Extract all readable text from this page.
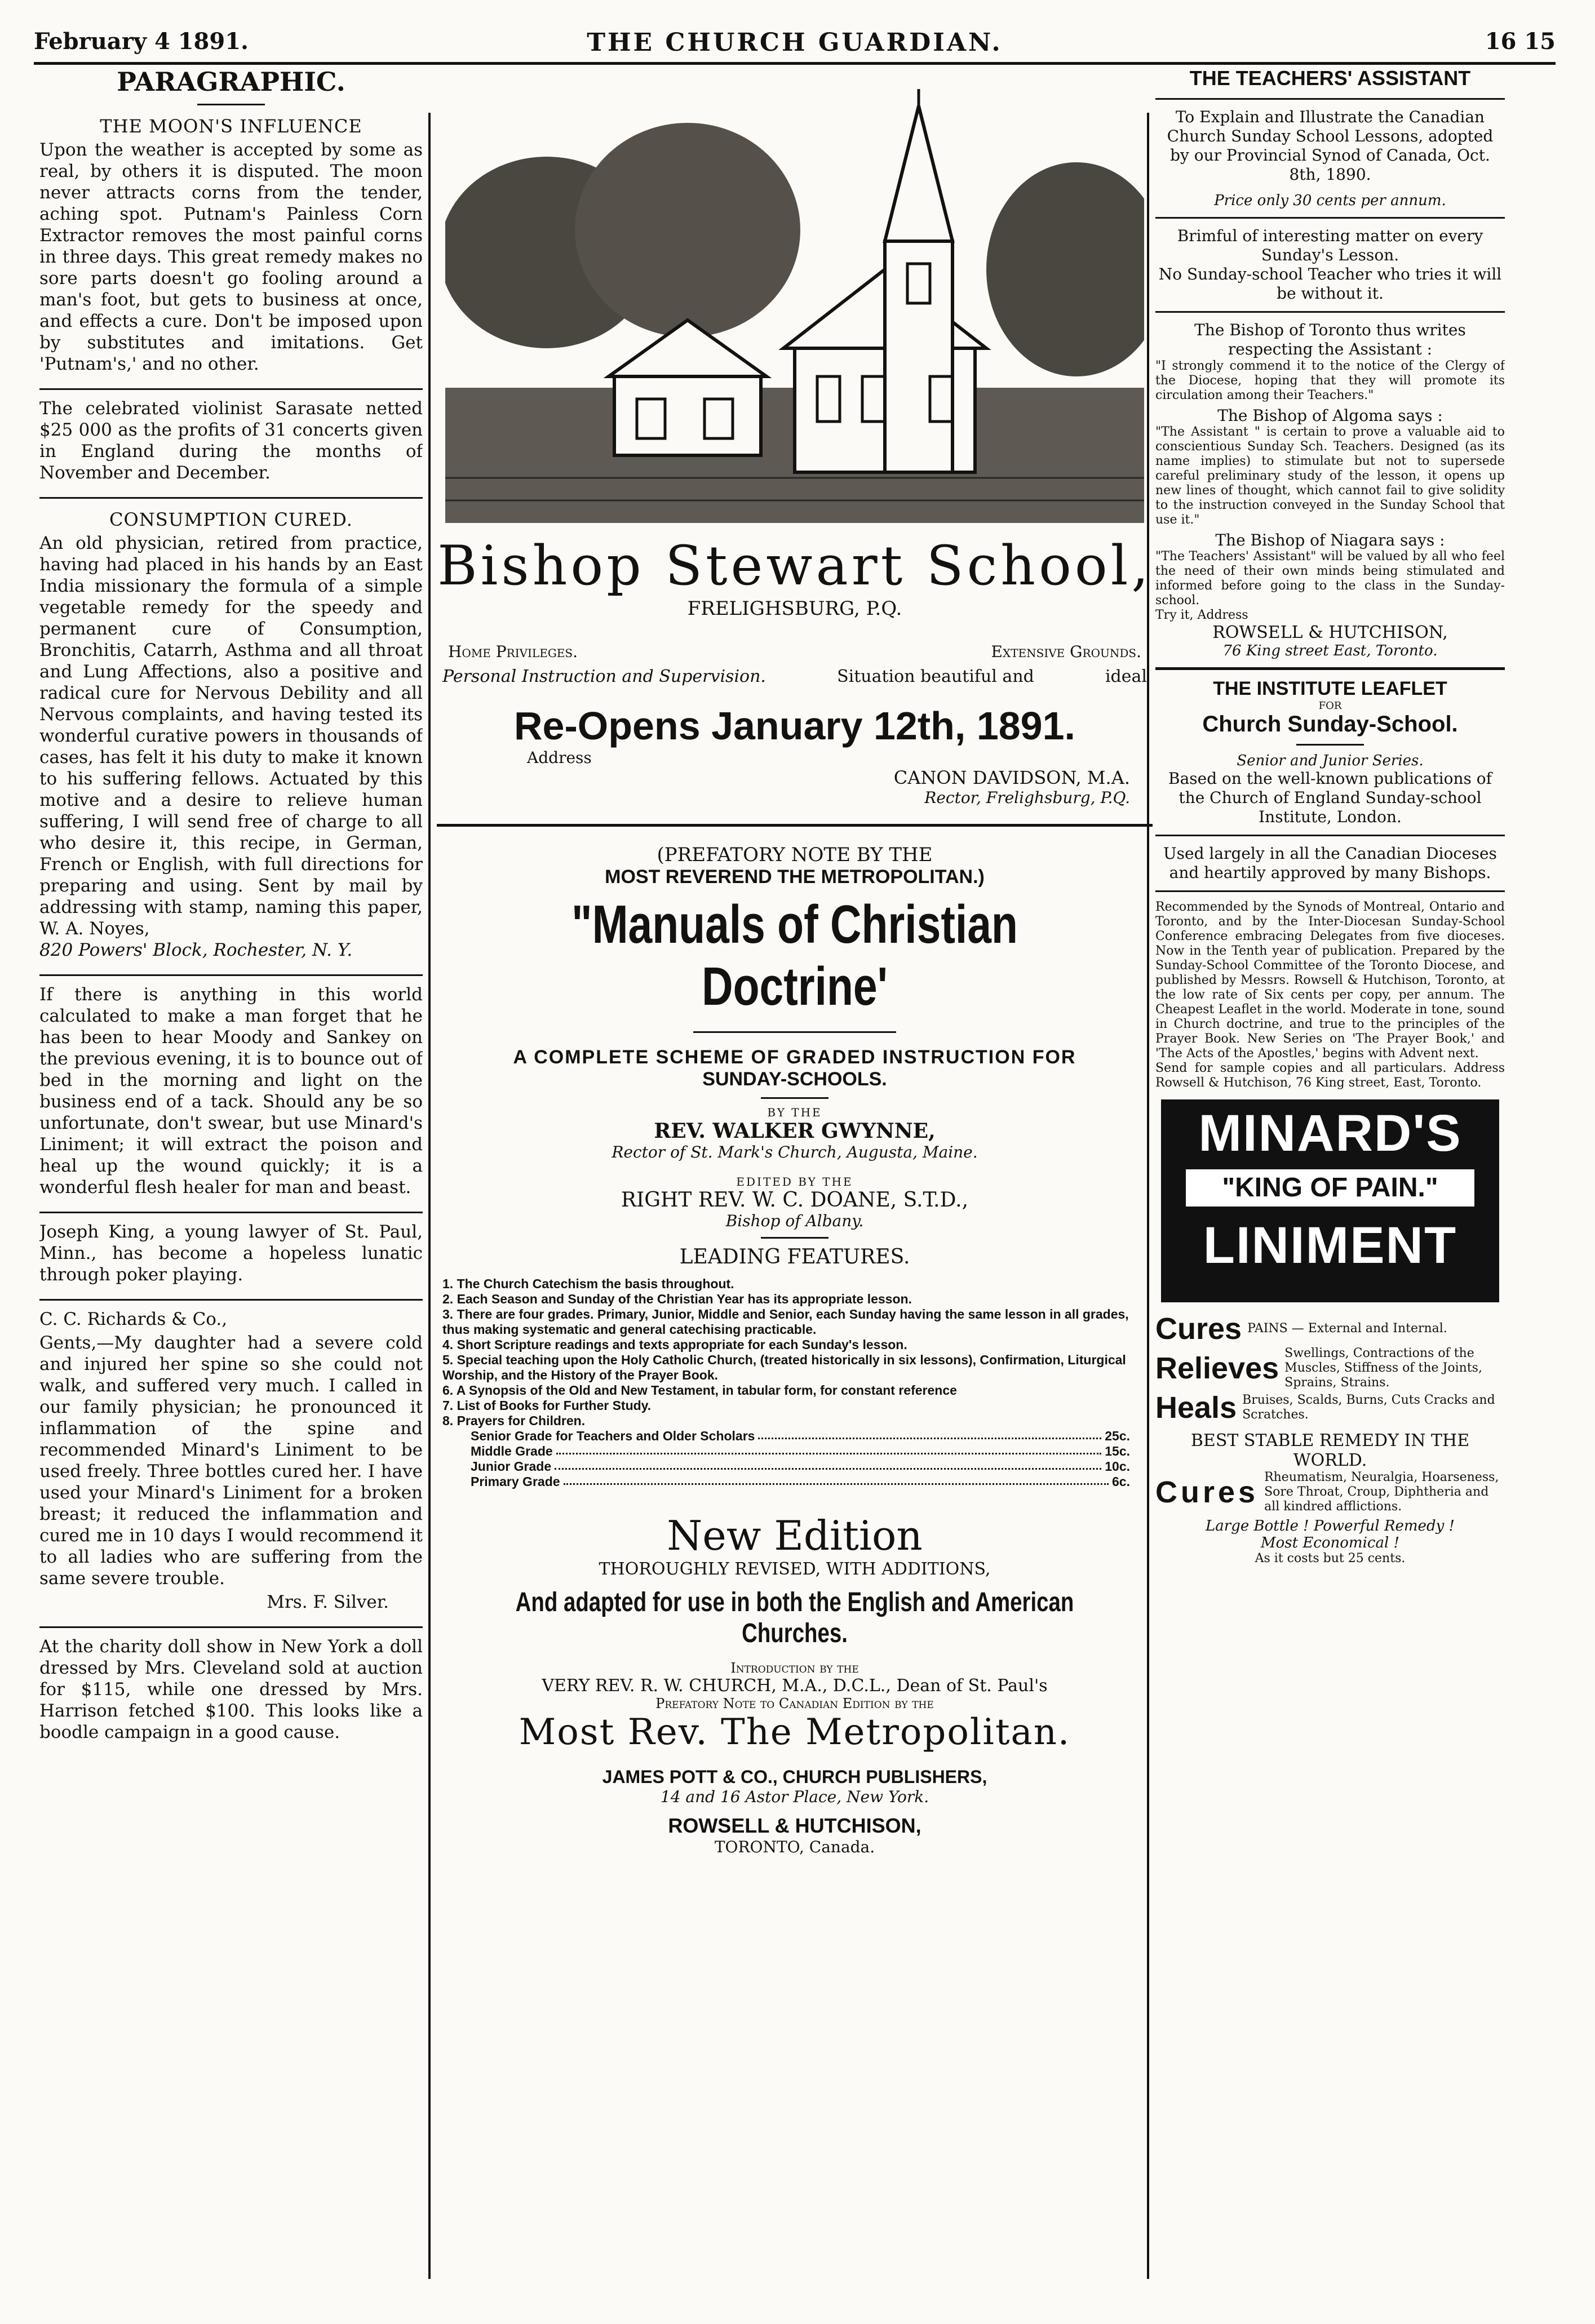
February 4 1891.	THE CHURCH GUARDIAN.	16 15
PARAGRAPHIC.
THE MOON'S INFLUENCE

Upon the weather is accepted by some as real, by others it is disputed. The moon never attracts corns from the tender, aching spot. Putnam's Painless Corn Extractor removes the most painful corns in three days. This great remedy makes no sore parts doesn't go fooling around a man's foot, but gets to business at once, and effects a cure. Don't be imposed upon by substitutes and imitations. Get 'Putnam's,' and no other.

The celebrated violinist Sarasate netted $25 000 as the profits of 31 concerts given in England during the months of November and December.

CONSUMPTION CURED.

An old physician, retired from practice, having had placed in his hands by an East India missionary the formula of a simple vegetable remedy for the speedy and permanent cure of Consumption, Bronchitis, Catarrh, Asthma and all throat and Lung Affections, also a positive and radical cure for Nervous Debility and all Nervous complaints, and having tested its wonderful curative powers in thousands of cases, has felt it his duty to make it known to his suffering fellows. Actuated by this motive and a desire to relieve human suffering, I will send free of charge to all who desire it, this recipe, in German, French or English, with full directions for preparing and using. Sent by mail by addressing with stamp, naming this paper, W. A. Noyes,

820 Powers' Block, Rochester, N. Y.

If there is anything in this world calculated to make a man forget that he has been to hear Moody and Sankey on the previous evening, it is to bounce out of bed in the morning and light on the business end of a tack. Should any be so unfortunate, don't swear, but use Minard's Liniment; it will extract the poison and heal up the wound quickly; it is a wonderful flesh healer for man and beast.

Joseph King, a young lawyer of St. Paul, Minn., has become a hopeless lunatic through poker playing.

C. C. Richards & Co.,

Gents,—My daughter had a severe cold and injured her spine so she could not walk, and suffered very much. I called in our family physician; he pronounced it inflammation of the spine and recommended Minard's Liniment to be used freely. Three bottles cured her. I have used your Minard's Liniment for a broken breast; it reduced the inflammation and cured me in 10 days I would recommend it to all ladies who are suffering from the same severe trouble.

Mrs. F. Silver.

At the charity doll show in New York a doll dressed by Mrs. Cleveland sold at auction for $115, while one dressed by Mrs. Harrison fetched $100. This looks like a boodle campaign in a good cause.

Bishop Stewart School,

FRELIGHSBURG, P.Q.

Home Privileges.	Extensive Grounds.
Personal Instruction and Supervision.	Situation beautiful and	ideal

Re-Opens January 12th, 1891.

Address

CANON DAVIDSON, M.A.

Rector, Frelighsburg, P.Q.

(PREFATORY NOTE BY THE

MOST REVEREND THE METROPOLITAN.)

"Manuals of Christian Doctrine'

A COMPLETE SCHEME OF GRADED INSTRUCTION FOR

SUNDAY-SCHOOLS.

BY THE

REV. WALKER GWYNNE,

Rector of St. Mark's Church, Augusta, Maine.

EDITED BY THE

RIGHT REV. W. C. DOANE, S.T.D.,

Bishop of Albany.

LEADING FEATURES.

1. The Church Catechism the basis throughout.
2. Each Season and Sunday of the Christian Year has its appropriate lesson.
3. There are four grades. Primary, Junior, Middle and Senior, each Sunday having the same lesson in all grades, thus making systematic and general catechising practicable.
4. Short Scripture readings and texts appropriate for each Sunday's lesson.
5. Special teaching upon the Holy Catholic Church, (treated historically in six lessons), Confirmation, Liturgical Worship, and the History of the Prayer Book.
6. A Synopsis of the Old and New Testament, in tabular form, for constant reference
7. List of Books for Further Study.
8. Prayers for Children.
Senior Grade for Teachers and Older Scholars	25c.
Middle Grade	15c.
Junior Grade	10c.
Primary Grade	6c.

New Edition

THOROUGHLY REVISED, WITH ADDITIONS,

And adapted for use in both the English and American Churches.

Introduction by the

VERY REV. R. W. CHURCH, M.A., D.C.L., Dean of St. Paul's

Prefatory Note to Canadian Edition by the

Most Rev. The Metropolitan.

JAMES POTT & CO., CHURCH PUBLISHERS,

14 and 16 Astor Place, New York.

ROWSELL & HUTCHISON,

TORONTO, Canada.

THE TEACHERS' ASSISTANT

To Explain and Illustrate the Canadian Church Sunday School Lessons, adopted by our Provincial Synod of Canada, Oct. 8th, 1890.

Price only 30 cents per annum.

Brimful of interesting matter on every Sunday's Lesson.

No Sunday-school Teacher who tries it will be without it.

The Bishop of Toronto thus writes respecting the Assistant :

"I strongly commend it to the notice of the Clergy of the Diocese, hoping that they will promote its circulation among their Teachers."

The Bishop of Algoma says :

"The Assistant " is certain to prove a valuable aid to conscientious Sunday Sch. Teachers. Designed (as its name implies) to stimulate but not to supersede careful preliminary study of the lesson, it opens up new lines of thought, which cannot fail to give solidity to the instruction conveyed in the Sunday School that use it."

The Bishop of Niagara says :

"The Teachers' Assistant" will be valued by all who feel the need of their own minds being stimulated and informed before going to the class in the Sunday-school.

Try it, Address

ROWSELL & HUTCHISON,

76 King street East, Toronto.

THE INSTITUTE LEAFLET

FOR

Church Sunday-School.

Senior and Junior Series.

Based on the well-known publications of the Church of England Sunday-school Institute, London.

Used largely in all the Canadian Dioceses and heartily approved by many Bishops.

Recommended by the Synods of Montreal, Ontario and Toronto, and by the Inter-Diocesan Sunday-School Conference embracing Delegates from five dioceses. Now in the Tenth year of publication. Prepared by the Sunday-School Committee of the Toronto Diocese, and published by Messrs. Rowsell & Hutchison, Toronto, at the low rate of Six cents per copy, per annum. The Cheapest Leaflet in the world. Moderate in tone, sound in Church doctrine, and true to the principles of the Prayer Book. New Series on 'The Prayer Book,' and 'The Acts of the Apostles,' begins with Advent next.

Send for sample copies and all particulars. Address Rowsell & Hutchison, 76 King street, East, Toronto.

MINARD'S
"KING OF PAIN."
LINIMENT
Cures PAINS — External and Internal.
Relieves Swellings, Contractions of the Muscles, Stiffness of the Joints, Sprains, Strains.
Heals Bruises, Scalds, Burns, Cuts Cracks and Scratches.

BEST STABLE REMEDY IN THE WORLD.

Cures Rheumatism, Neuralgia, Hoarseness, Sore Throat, Croup, Diphtheria and all kindred afflictions.

Large Bottle ! Powerful Remedy !

Most Economical !

As it costs but 25 cents.
